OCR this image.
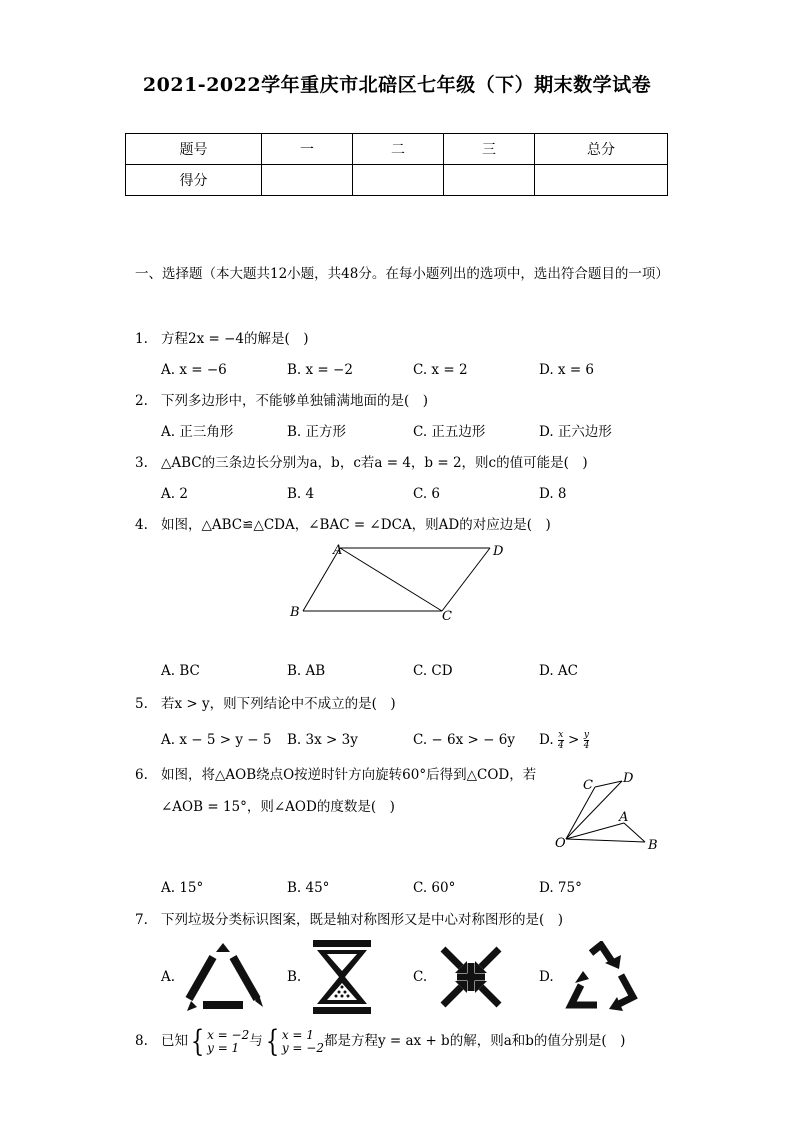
2021-2022学年重庆市北碚区七年级（下）期末数学试卷
题号	一	二	三	总分
得分				
一、选择题（本大题共12小题，共48分。在每小题列出的选项中，选出符合题目的一项）
1. 方程2x = −4的解是(　)
A. x = −6	B. x = −2	C. x = 2	D. x = 6
2. 下列多边形中，不能够单独铺满地面的是(　)
A. 正三角形	B. 正方形	C. 正五边形	D. 正六边形
3. △ABC的三条边长分别为a，b，c若a = 4，b = 2，则c的值可能是(　)
A. 2	B. 4	C. 6	D. 8
4. 如图，△ABC≌△CDA，∠BAC = ∠DCA，则AD的对应边是(　)
A	D
B	C
A. BC	B. AB	C. CD	D. AC
5. 若x > y，则下列结论中不成立的是(　)
A. x − 5 > y − 5 B. 3x > 3y	C. − 6x > − 6y D. $\frac{x}{4} > \frac{y}{4}$
6. 如图，将△AOB绕点O按逆时针方向旋转60°后得到△COD，若
∠AOB = 15°，则∠AOD的度数是(　)
O
A
B
C D
A. 15°	B. 45°	C. 60°	D. 75°
7. 下列垃圾分类标识图案，既是轴对称图形又是中心对称图形的是(　)
A.	B.	C.	D.
8. 已知{ x = −2
y = 1 与{ x = 1
y = −2 都是方程y = ax + b的解，则a和b的值分别是(　)
